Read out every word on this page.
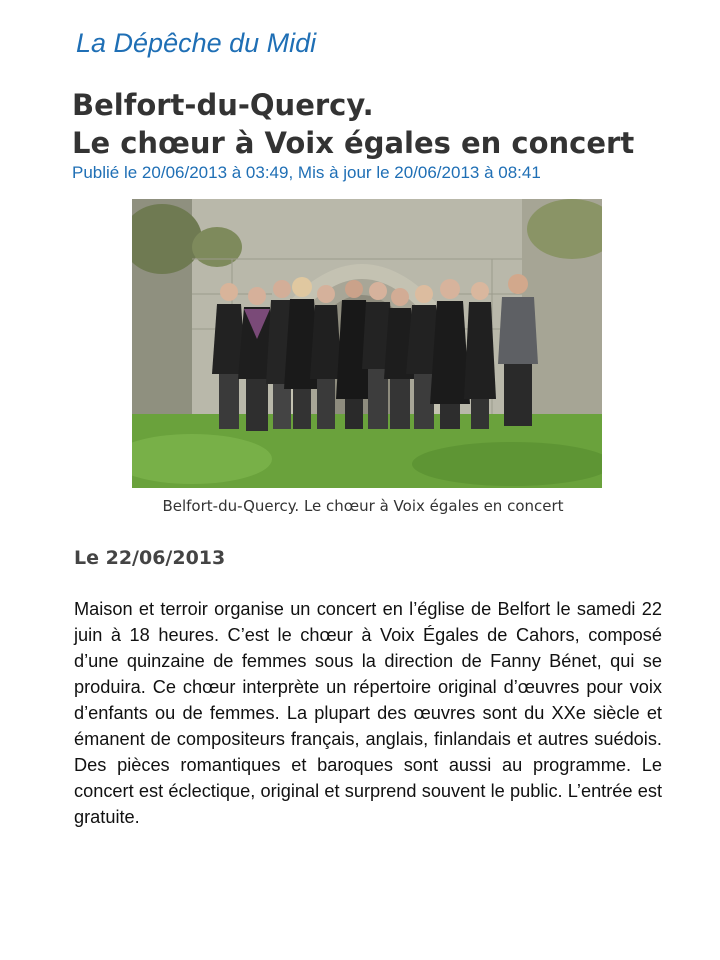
La Dépêche du Midi
Belfort-du-Quercy.
Le chœur à Voix égales en concert
Publié le 20/06/2013 à 03:49, Mis à jour le 20/06/2013 à 08:41
Belfort-du-Quercy. Le chœur à Voix égales en concert
Le 22/06/2013
Maison et terroir organise un concert en l’église de Belfort le samedi 22 juin à 18 heures. C’est le chœur à Voix Égales de Cahors, composé d’une quinzaine de femmes sous la direction de Fanny Bénet, qui se produira. Ce chœur interprète un répertoire original d’œuvres pour voix d’enfants ou de femmes. La plupart des œuvres sont du XXe siècle et émanent de compositeurs français, anglais, finlandais et autres suédois. Des pièces romantiques et baroques sont aussi au programme. Le concert est éclectique, original et surprend souvent le public. L’entrée est gratuite.
